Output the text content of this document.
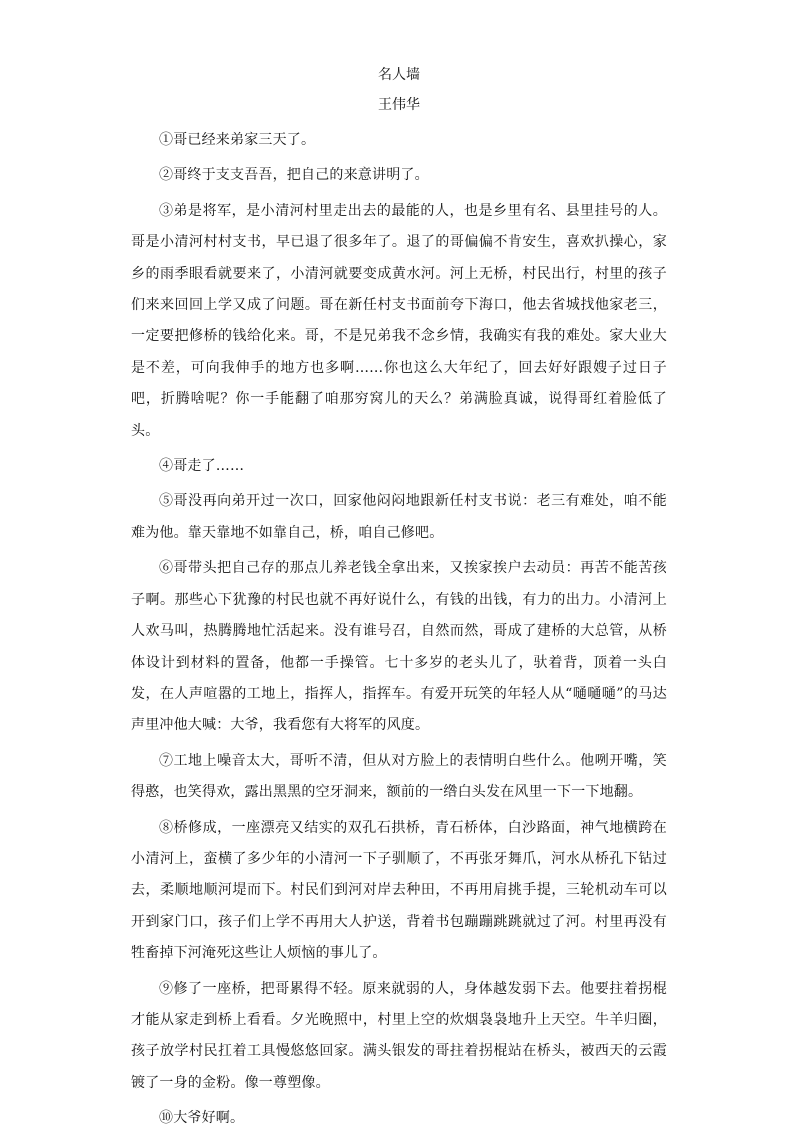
名人墙
王伟华

①哥已经来弟家三天了。

②哥终于支支吾吾，把自己的来意讲明了。

③弟是将军，是小清河村里走出去的最能的人，也是乡里有名、县里挂号的人。哥是小清河村村支书，早已退了很多年了。退了的哥偏偏不肯安生，喜欢扒操心，家乡的雨季眼看就要来了，小清河就要变成黄水河。河上无桥，村民出行，村里的孩子们来来回回上学又成了问题。哥在新任村支书面前夸下海口，他去省城找他家老三，一定要把修桥的钱给化来。哥，不是兄弟我不念乡情，我确实有我的难处。家大业大是不差，可向我伸手的地方也多啊……你也这么大年纪了，回去好好跟嫂子过日子吧，折腾啥呢？你一手能翻了咱那穷窝儿的天么？弟满脸真诚，说得哥红着脸低了头。

④哥走了……

⑤哥没再向弟开过一次口，回家他闷闷地跟新任村支书说：老三有难处，咱不能难为他。靠天靠地不如靠自己，桥，咱自己修吧。

⑥哥带头把自己存的那点儿养老钱全拿出来，又挨家挨户去动员：再苦不能苦孩子啊。那些心下犹豫的村民也就不再好说什么，有钱的出钱，有力的出力。小清河上人欢马叫，热腾腾地忙活起来。没有谁号召，自然而然，哥成了建桥的大总管，从桥体设计到材料的置备，他都一手操管。七十多岁的老头儿了，驮着背，顶着一头白发，在人声喧嚣的工地上，指挥人，指挥车。有爱开玩笑的年轻人从“嗵嗵嗵”的马达声里冲他大喊：大爷，我看您有大将军的风度。

⑦工地上噪音太大，哥听不清，但从对方脸上的表情明白些什么。他咧开嘴，笑得憨，也笑得欢，露出黑黑的空牙洞来，额前的一绺白头发在风里一下一下地翻。

⑧桥修成，一座漂亮又结实的双孔石拱桥，青石桥体，白沙路面，神气地横跨在小清河上，蛮横了多少年的小清河一下子驯顺了，不再张牙舞爪，河水从桥孔下钻过去，柔顺地顺河堤而下。村民们到河对岸去种田，不再用肩挑手提，三轮机动车可以开到家门口，孩子们上学不再用大人护送，背着书包蹦蹦跳跳就过了河。村里再没有牲畜掉下河淹死这些让人烦恼的事儿了。

⑨修了一座桥，把哥累得不轻。原来就弱的人，身体越发弱下去。他要拄着拐棍才能从家走到桥上看看。夕光晚照中，村里上空的炊烟袅袅地升上天空。牛羊归圈，孩子放学村民扛着工具慢悠悠回家。满头银发的哥拄着拐棍站在桥头，被西天的云霞镀了一身的金粉。像一尊塑像。

⑩大爷好啊。
